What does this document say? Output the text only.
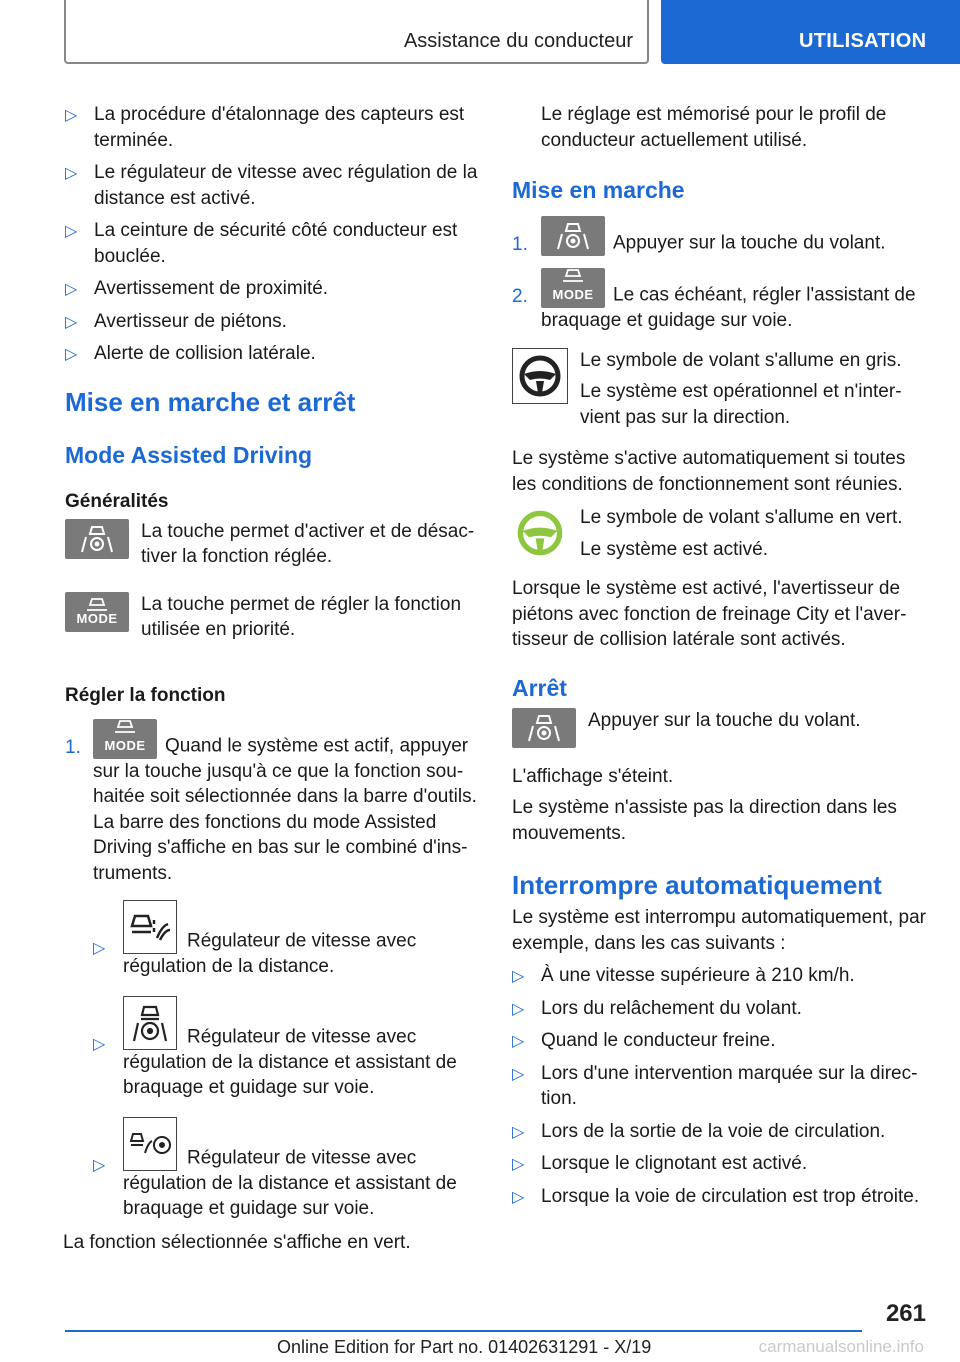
Assistance du conducteur	UTILISATION
▷ La procédure d'étalonnage des capteurs est terminée.
▷ Le régulateur de vitesse avec régulation de la distance est activé.
▷ La ceinture de sécurité côté conducteur est bouclée.
▷ Avertissement de proximité.
▷ Avertisseur de piétons.
▷ Alerte de collision latérale.
Mise en marche et arrêt
Mode Assisted Driving
Généralités

La touche permet d'activer et de désactiver la fonction réglée.

MODE

La touche permet de régler la fonction utilisée en priorité.

Régler la fonction
1. MODE Quand le système est actif, appuyer sur la touche jusqu'à ce que la fonction souhaitée soit sélectionnée dans la barre d'outils. La barre des fonctions du mode Assisted Driving s'affiche en bas sur le combiné d'instruments.

▷	Régulateur de vitesse avec régulation de la distance.

▷	Régulateur de vitesse avec régulation de la distance et assistant de braquage et guidage sur voie.

▷	Régulateur de vitesse avec régulation de la distance et assistant de braquage et guidage sur voie.

La fonction sélectionnée s'affiche en vert.

Le réglage est mémorisé pour le profil de conducteur actuellement utilisé.

Mise en marche
1.	Appuyer sur la touche du volant.

2. MODE Le cas échéant, régler l'assistant de braquage et guidage sur voie.

Le symbole de volant s'allume en gris.

Le système est opérationnel et n'intervient pas sur la direction.

Le système s'active automatiquement si toutes les conditions de fonctionnement sont réunies.

Le symbole de volant s'allume en vert.

Le système est activé.

Lorsque le système est activé, l'avertisseur de piétons avec fonction de freinage City et l'avertisseur de collision latérale sont activés.

Arrêt

Appuyer sur la touche du volant.

L'affichage s'éteint.

Le système n'assiste pas la direction dans les mouvements.

Interrompre automatiquement

Le système est interrompu automatiquement, par exemple, dans les cas suivants :

▷ À une vitesse supérieure à 210 km/h.
▷ Lors du relâchement du volant.
▷ Quand le conducteur freine.
▷ Lors d'une intervention marquée sur la direction.
▷ Lors de la sortie de la voie de circulation.
▷ Lorsque le clignotant est activé.
▷ Lorsque la voie de circulation est trop étroite.
261
Online Edition for Part no. 01402631291 - X/19	carmanualsonline.info
